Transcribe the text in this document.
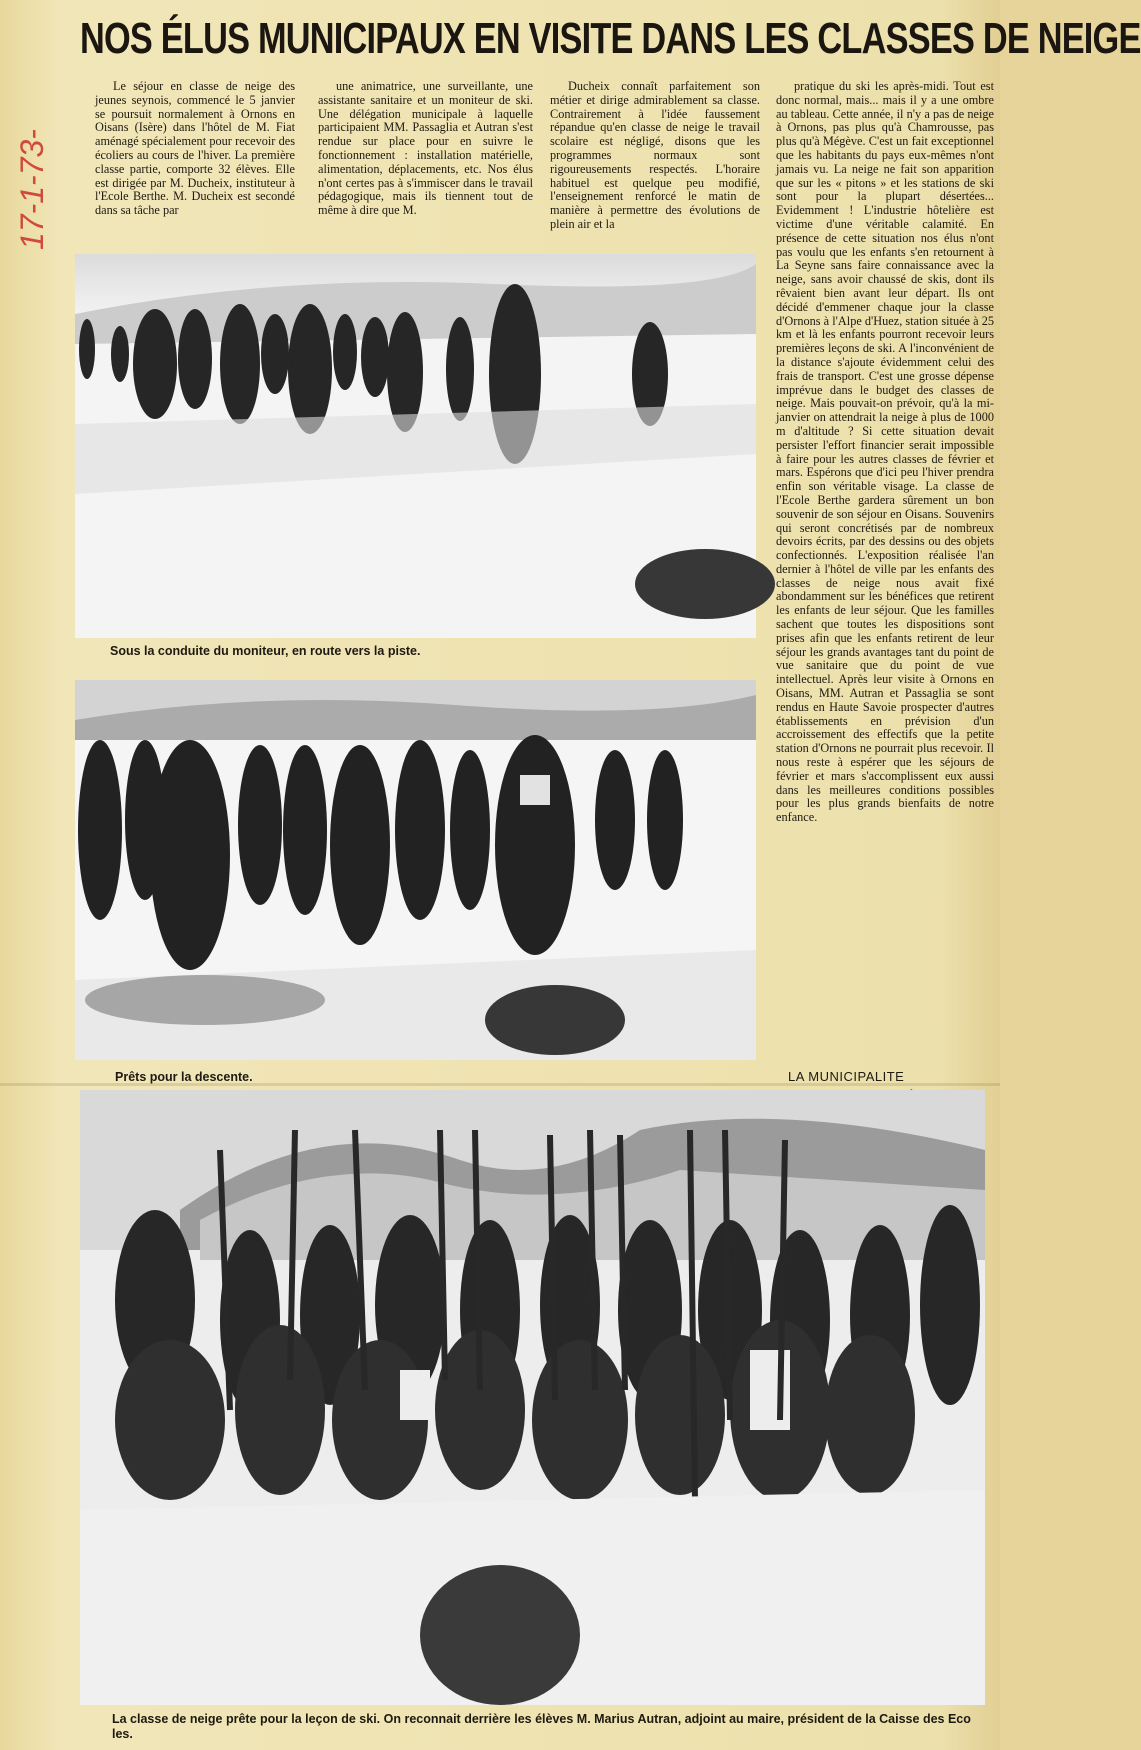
NOS ÉLUS MUNICIPAUX EN VISITE DANS LES CLASSES DE NEIGE
17-1-73-

Le séjour en classe de neige des jeunes seynois, commencé le 5 janvier se poursuit normalement à Ornons en Oisans (Isère) dans l'hôtel de M. Fiat aménagé spécialement pour recevoir des écoliers au cours de l'hiver. La première classe partie, comporte 32 élèves. Elle est dirigée par M. Ducheix, instituteur à l'Ecole Berthe. M. Ducheix est secondé dans sa tâche par

une animatrice, une surveillante, une assistante sanitaire et un moniteur de ski. Une délégation municipale à laquelle participaient MM. Passaglia et Autran s'est rendue sur place pour en suivre le fonctionnement : installation matérielle, alimentation, déplacements, etc. Nos élus n'ont certes pas à s'immiscer dans le travail pédagogique, mais ils tiennent tout de même à dire que M.

Ducheix connaît parfaitement son métier et dirige admirablement sa classe. Contrairement à l'idée faussement répandue qu'en classe de neige le travail scolaire est négligé, disons que les programmes normaux sont rigoureusements respectés. L'horaire habituel est quelque peu modifié, l'enseignement renforcé le matin de manière à permettre des évolutions de plein air et la

pratique du ski les après-midi. Tout est donc normal, mais... mais il y a une ombre au tableau. Cette année, il n'y a pas de neige à Ornons, pas plus qu'à Chamrousse, pas plus qu'à Mégève. C'est un fait exceptionnel que les habitants du pays eux-mêmes n'ont jamais vu. La neige ne fait son apparition que sur les « pitons » et les stations de ski sont pour la plupart désertées... Evidemment ! L'industrie hôtelière est victime d'une véritable calamité. En présence de cette situation nos élus n'ont pas voulu que les enfants s'en retournent à La Seyne sans faire connaissance avec la neige, sans avoir chaussé de skis, dont ils rêvaient bien avant leur départ. Ils ont décidé d'emmener chaque jour la classe d'Ornons à l'Alpe d'Huez, station située à 25 km et là les enfants pourront recevoir leurs premières leçons de ski. A l'inconvénient de la distance s'ajoute évidemment celui des frais de transport. C'est une grosse dépense imprévue dans le budget des classes de neige. Mais pouvait-on prévoir, qu'à la mi-janvier on attendrait la neige à plus de 1000 m d'altitude ? Si cette situation devait persister l'effort financier serait impossible à faire pour les autres classes de février et mars. Espérons que d'ici peu l'hiver prendra enfin son véritable visage. La classe de l'Ecole Berthe gardera sûrement un bon souvenir de son séjour en Oisans. Souvenirs qui seront concrétisés par de nombreux devoirs écrits, par des dessins ou des objets confectionnés. L'exposition réalisée l'an dernier à l'hôtel de ville par les enfants des classes de neige nous avait fixé abondamment sur les bénéfices que retirent les enfants de leur séjour. Que les familles sachent que toutes les dispositions sont prises afin que les enfants retirent de leur séjour les grands avantages tant du point de vue sanitaire que du point de vue intellectuel. Après leur visite à Ornons en Oisans, MM. Autran et Passaglia se sont rendus en Haute Savoie prospecter d'autres établissements en prévision d'un accroissement des effectifs que la petite station d'Ornons ne pourrait plus recevoir. Il nous reste à espérer que les séjours de février et mars s'accomplissent eux aussi dans les meilleures conditions possibles pour les plus grands bienfaits de notre enfance.

Sous la conduite du moniteur, en route vers la piste.
Prêts pour la descente.	LA MUNICIPALITE
La classe de neige prête pour la leçon de ski. On reconnait derrière les élèves M. Marius Autran, adjoint au maire, président de la Caisse des Eco les.
